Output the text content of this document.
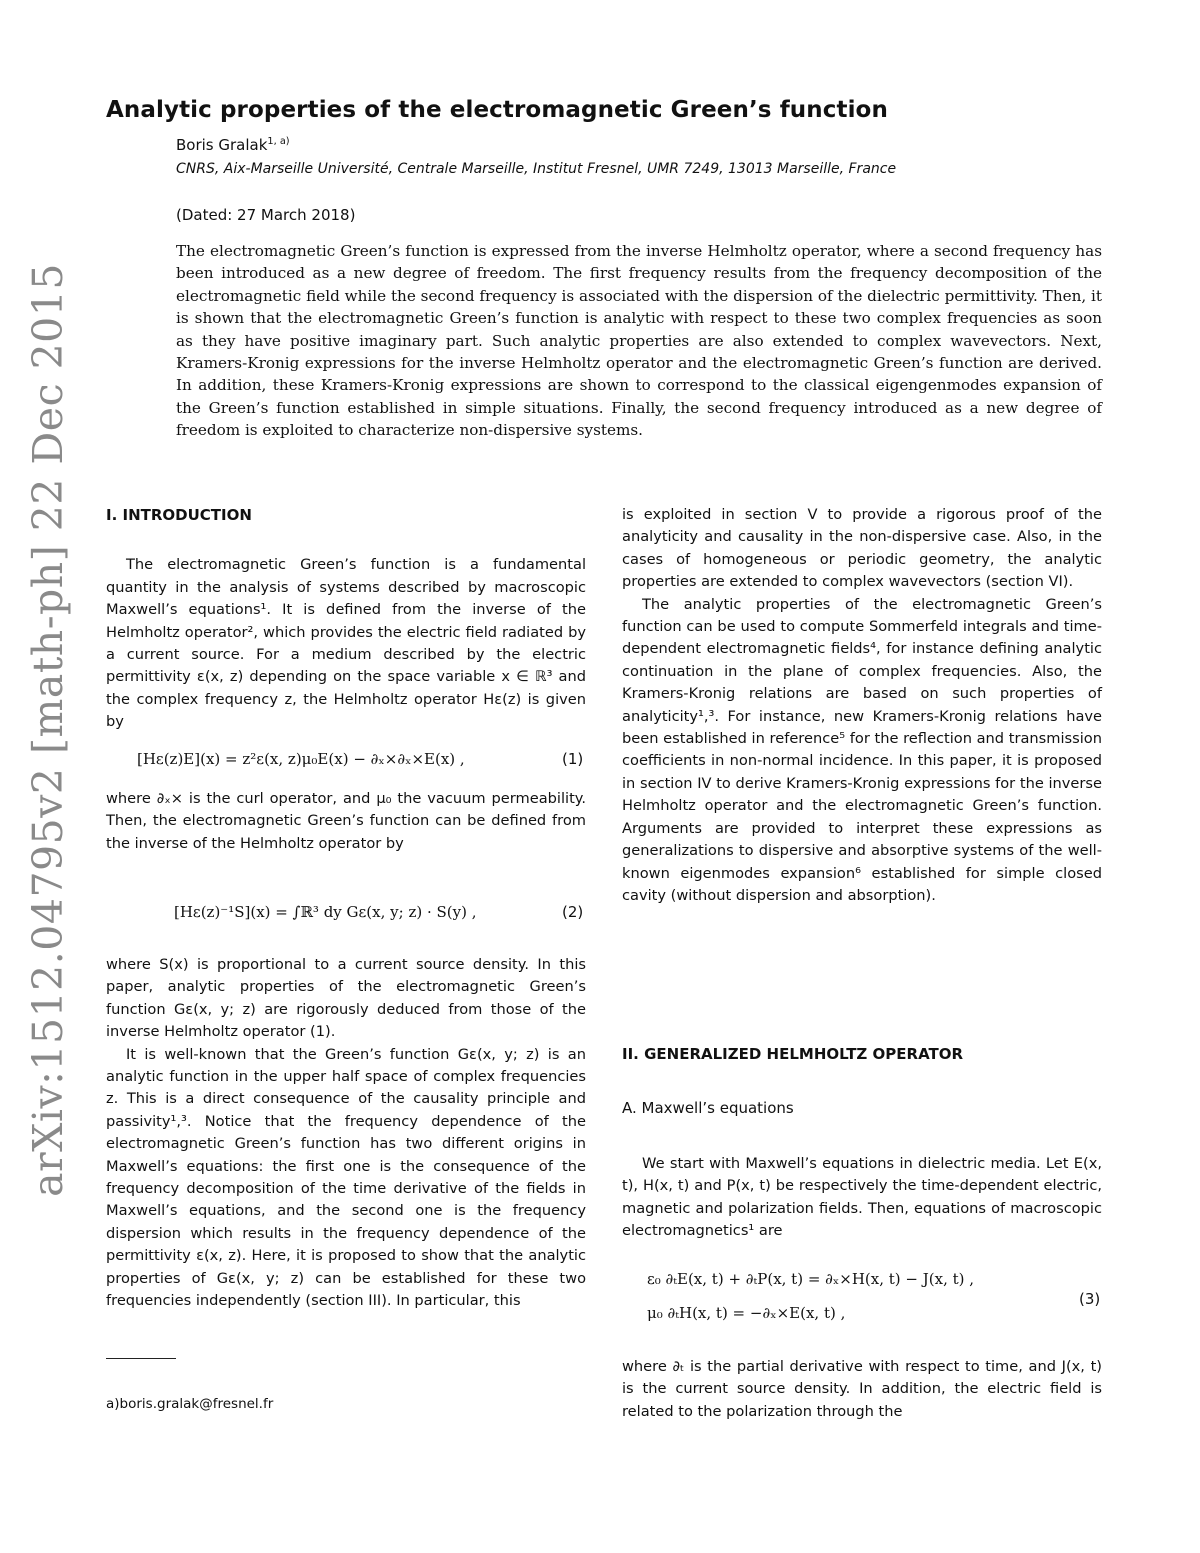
arXiv:1512.04795v2 [math-ph] 22 Dec 2015
Analytic properties of the electromagnetic Green’s function
Boris Gralak$^{1, a)}$
CNRS, Aix-Marseille Université, Centrale Marseille, Institut Fresnel, UMR 7249, 13013 Marseille, France
(Dated: 27 March 2018)
The electromagnetic Green’s function is expressed from the inverse Helmholtz operator, where a second frequency has been introduced as a new degree of freedom. The first frequency results from the frequency decomposition of the electromagnetic field while the second frequency is associated with the dispersion of the dielectric permittivity. Then, it is shown that the electromagnetic Green’s function is analytic with respect to these two complex frequencies as soon as they have positive imaginary part. Such analytic properties are also extended to complex wavevectors. Next, Kramers-Kronig expressions for the inverse Helmholtz operator and the electromagnetic Green’s function are derived. In addition, these Kramers-Kronig expressions are shown to correspond to the classical eigengenmodes expansion of the Green’s function established in simple situations. Finally, the second frequency introduced as a new degree of freedom is exploited to characterize non-dispersive systems.

I. INTRODUCTION

The electromagnetic Green’s function is a fundamental quantity in the analysis of systems described by macroscopic Maxwell’s equations¹. It is defined from the inverse of the Helmholtz operator², which provides the electric field radiated by a current source. For a medium described by the electric permittivity ε(x, z) depending on the space variable x ∈ ℝ³ and the complex frequency z, the Helmholtz operator Hε(z) is given by

[Hε(z)E](x) = z²ε(x, z)μ₀E(x) − ∂ₓ×∂ₓ×E(x) ,	(1)

where ∂ₓ× is the curl operator, and μ₀ the vacuum permeability. Then, the electromagnetic Green’s function can be defined from the inverse of the Helmholtz operator by

[Hε(z)⁻¹S](x) = ∫ℝ³ dy Gε(x, y; z) · S(y) ,	(2)

where S(x) is proportional to a current source density. In this paper, analytic properties of the electromagnetic Green’s function Gε(x, y; z) are rigorously deduced from those of the inverse Helmholtz operator (1).

It is well-known that the Green’s function Gε(x, y; z) is an analytic function in the upper half space of complex frequencies z. This is a direct consequence of the causality principle and passivity¹,³. Notice that the frequency dependence of the electromagnetic Green’s function has two different origins in Maxwell’s equations: the first one is the consequence of the frequency decomposition of the time derivative of the fields in Maxwell’s equations, and the second one is the frequency dispersion which results in the frequency dependence of the permittivity ε(x, z). Here, it is proposed to show that the analytic properties of Gε(x, y; z) can be established for these two frequencies independently (section III). In particular, this

is exploited in section V to provide a rigorous proof of the analyticity and causality in the non-dispersive case. Also, in the cases of homogeneous or periodic geometry, the analytic properties are extended to complex wavevectors (section VI).

The analytic properties of the electromagnetic Green’s function can be used to compute Sommerfeld integrals and time-dependent electromagnetic fields⁴, for instance defining analytic continuation in the plane of complex frequencies. Also, the Kramers-Kronig relations are based on such properties of analyticity¹,³. For instance, new Kramers-Kronig relations have been established in reference⁵ for the reflection and transmission coefficients in non-normal incidence. In this paper, it is proposed in section IV to derive Kramers-Kronig expressions for the inverse Helmholtz operator and the electromagnetic Green’s function. Arguments are provided to interpret these expressions as generalizations to dispersive and absorptive systems of the well-known eigenmodes expansion⁶ established for simple closed cavity (without dispersion and absorption).

II. GENERALIZED HELMHOLTZ OPERATOR

A. Maxwell’s equations

We start with Maxwell’s equations in dielectric media. Let E(x, t), H(x, t) and P(x, t) be respectively the time-dependent electric, magnetic and polarization fields. Then, equations of macroscopic electromagnetics¹ are

ε₀ ∂ₜE(x, t) + ∂ₜP(x, t) = ∂ₓ×H(x, t) − J(x, t) ,
μ₀ ∂ₜH(x, t) = −∂ₓ×E(x, t) ,
(3)

where ∂ₜ is the partial derivative with respect to time, and J(x, t) is the current source density. In addition, the electric field is related to the polarization through the

a)boris.gralak@fresnel.fr
